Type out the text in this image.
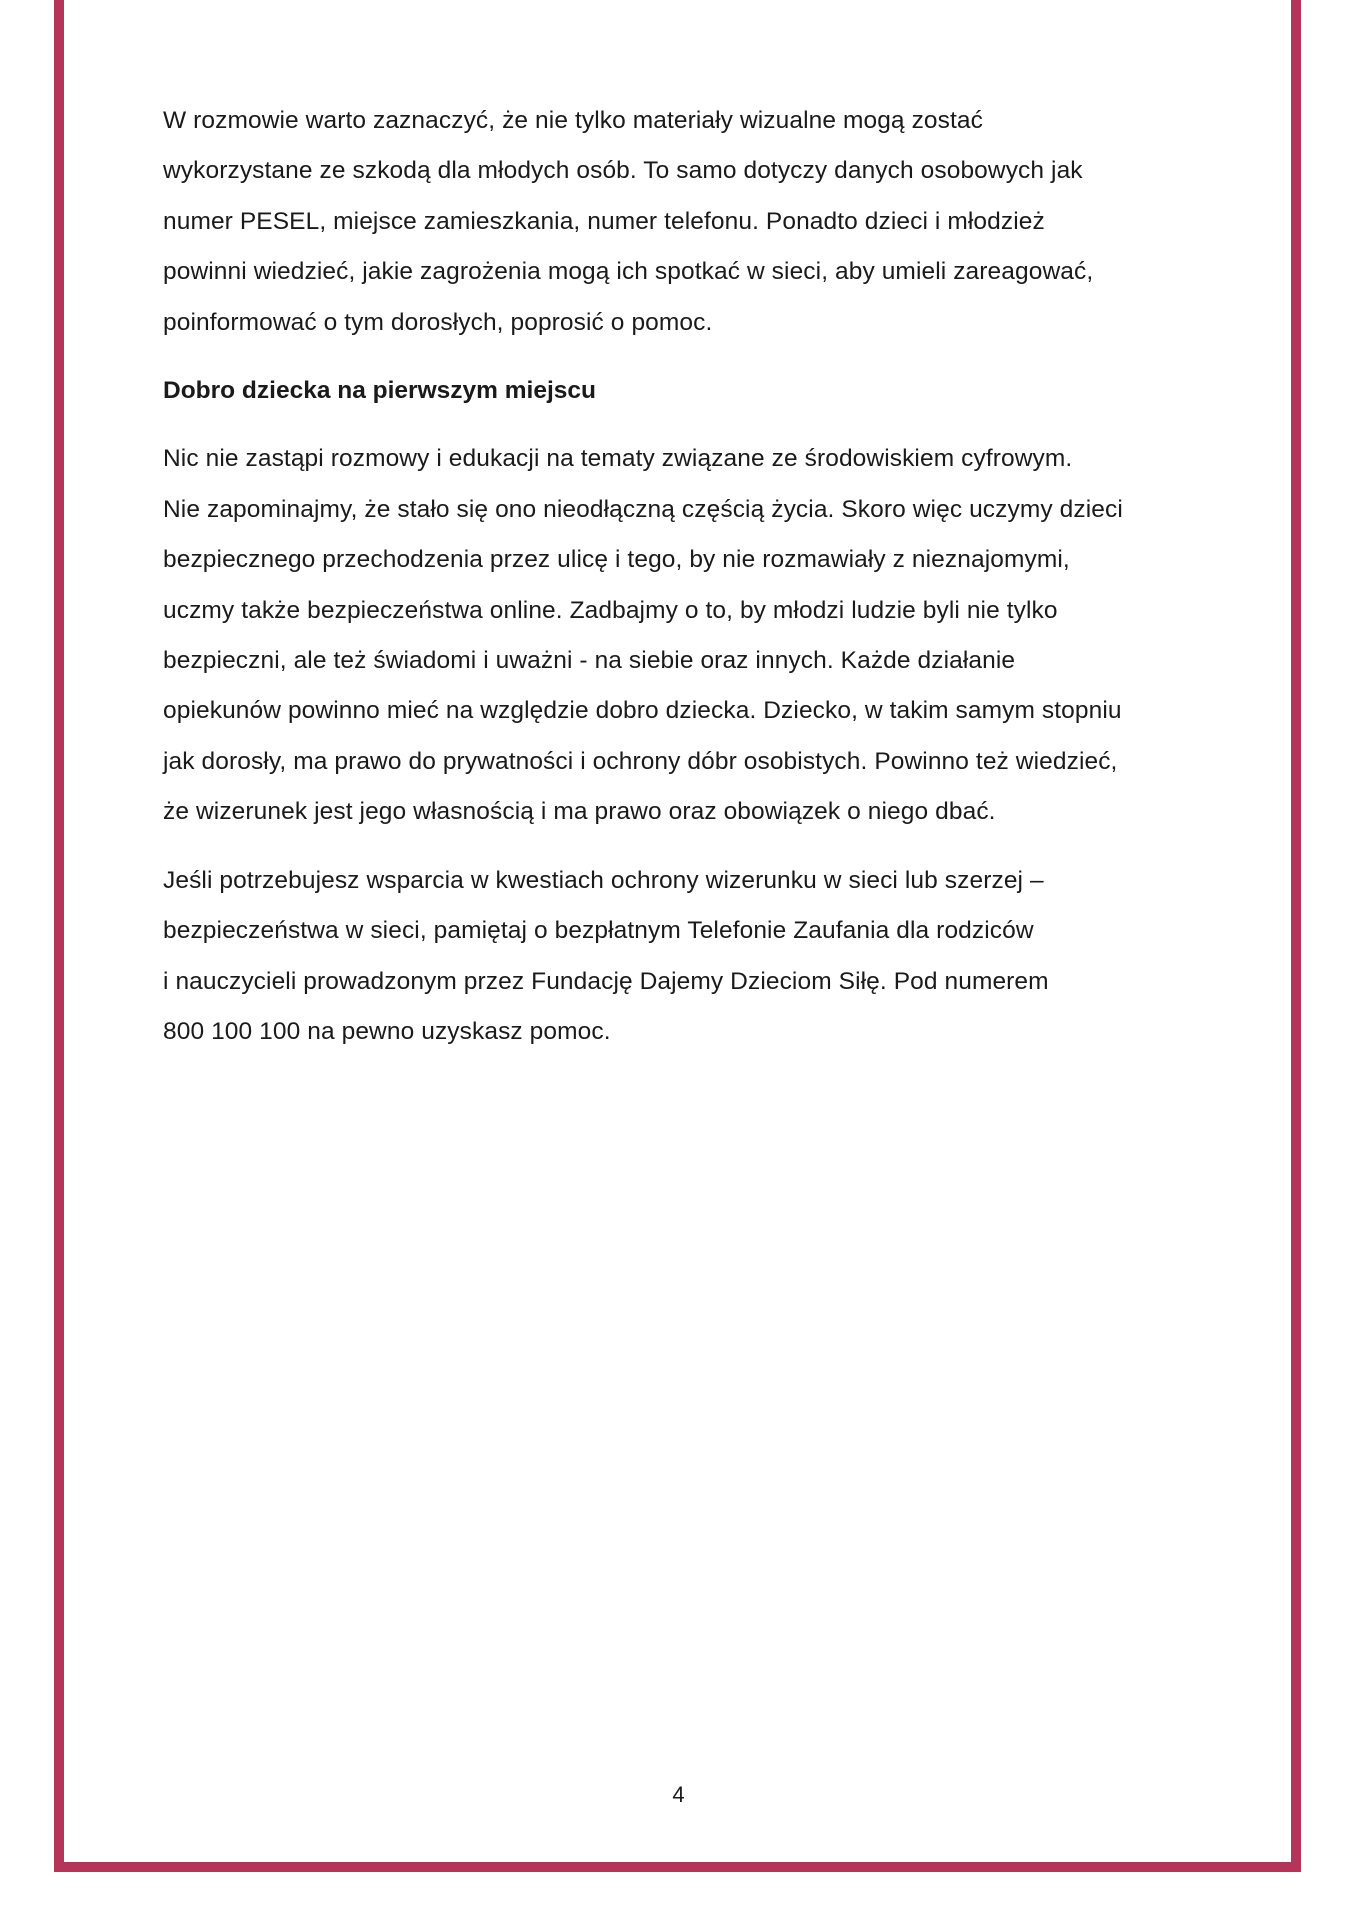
W rozmowie warto zaznaczyć, że nie tylko materiały wizualne mogą zostać
wykorzystane ze szkodą dla młodych osób. To samo dotyczy danych osobowych jak
numer PESEL, miejsce zamieszkania, numer telefonu. Ponadto dzieci i młodzież
powinni wiedzieć, jakie zagrożenia mogą ich spotkać w sieci, aby umieli zareagować,
poinformować o tym dorosłych, poprosić o pomoc.

Dobro dziecka na pierwszym miejscu

Nic nie zastąpi rozmowy i edukacji na tematy związane ze środowiskiem cyfrowym.
Nie zapominajmy, że stało się ono nieodłączną częścią życia. Skoro więc uczymy dzieci
bezpiecznego przechodzenia przez ulicę i tego, by nie rozmawiały z nieznajomymi,
uczmy także bezpieczeństwa online. Zadbajmy o to, by młodzi ludzie byli nie tylko
bezpieczni, ale też świadomi i uważni - na siebie oraz innych. Każde działanie
opiekunów powinno mieć na względzie dobro dziecka. Dziecko, w takim samym stopniu
jak dorosły, ma prawo do prywatności i ochrony dóbr osobistych. Powinno też wiedzieć,
że wizerunek jest jego własnością i ma prawo oraz obowiązek o niego dbać.

Jeśli potrzebujesz wsparcia w kwestiach ochrony wizerunku w sieci lub szerzej –
bezpieczeństwa w sieci, pamiętaj o bezpłatnym Telefonie Zaufania dla rodziców
i nauczycieli prowadzonym przez Fundację Dajemy Dzieciom Siłę. Pod numerem
800 100 100 na pewno uzyskasz pomoc.

4
